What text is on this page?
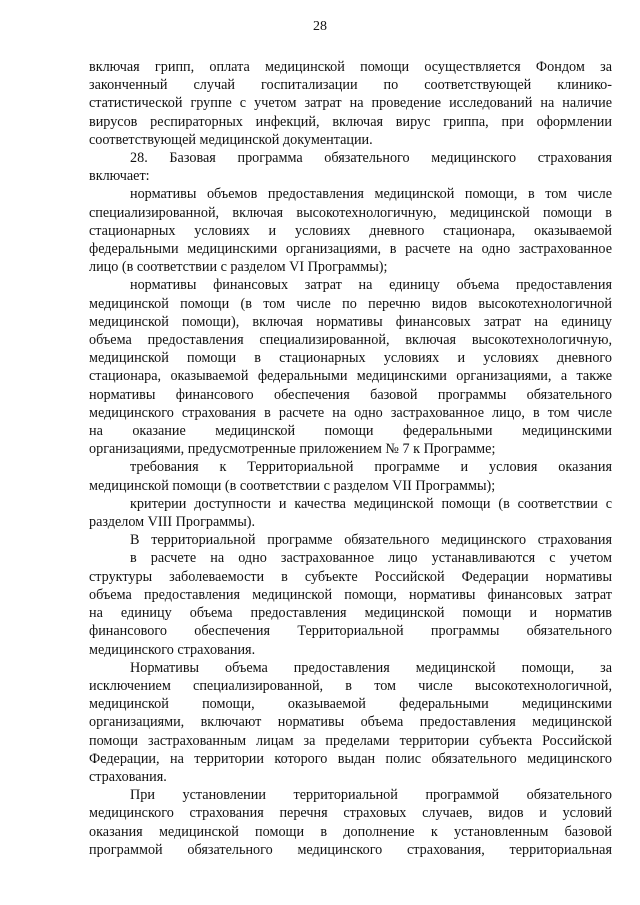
28
включая грипп, оплата медицинской помощи осуществляется Фондом за
законченный случай госпитализации по соответствующей клинико-
статистической группе с учетом затрат на проведение исследований на наличие
вирусов респираторных инфекций, включая вирус гриппа, при оформлении
соответствующей медицинской документации.
28. Базовая программа обязательного медицинского страхования
включает:
нормативы объемов предоставления медицинской помощи, в том числе
специализированной, включая высокотехнологичную, медицинской помощи в
стационарных условиях и условиях дневного стационара, оказываемой
федеральными медицинскими организациями, в расчете на одно застрахованное
лицо (в соответствии с разделом VI Программы);
нормативы финансовых затрат на единицу объема предоставления
медицинской помощи (в том числе по перечню видов высокотехнологичной
медицинской помощи), включая нормативы финансовых затрат на единицу
объема предоставления специализированной, включая высокотехнологичную,
медицинской помощи в стационарных условиях и условиях дневного
стационара, оказываемой федеральными медицинскими организациями, а также
нормативы финансового обеспечения базовой программы обязательного
медицинского страхования в расчете на одно застрахованное лицо, в том числе
на оказание медицинской помощи федеральными медицинскими
организациями, предусмотренные приложением № 7 к Программе;
требования к Территориальной программе и условия оказания
медицинской помощи (в соответствии с разделом VII Программы);
критерии доступности и качества медицинской помощи (в соответствии с
разделом VIII Программы).
В территориальной программе обязательного медицинского страхования
в расчете на одно застрахованное лицо устанавливаются с учетом
структуры заболеваемости в субъекте Российской Федерации нормативы
объема предоставления медицинской помощи, нормативы финансовых затрат
на единицу объема предоставления медицинской помощи и норматив
финансового обеспечения Территориальной программы обязательного
медицинского страхования.
Нормативы объема предоставления медицинской помощи, за
исключением специализированной, в том числе высокотехнологичной,
медицинской помощи, оказываемой федеральными медицинскими
организациями, включают нормативы объема предоставления медицинской
помощи застрахованным лицам за пределами территории субъекта Российской
Федерации, на территории которого выдан полис обязательного медицинского
страхования.
При установлении территориальной программой обязательного
медицинского страхования перечня страховых случаев, видов и условий
оказания медицинской помощи в дополнение к установленным базовой
программой обязательного медицинского страхования, территориальная
